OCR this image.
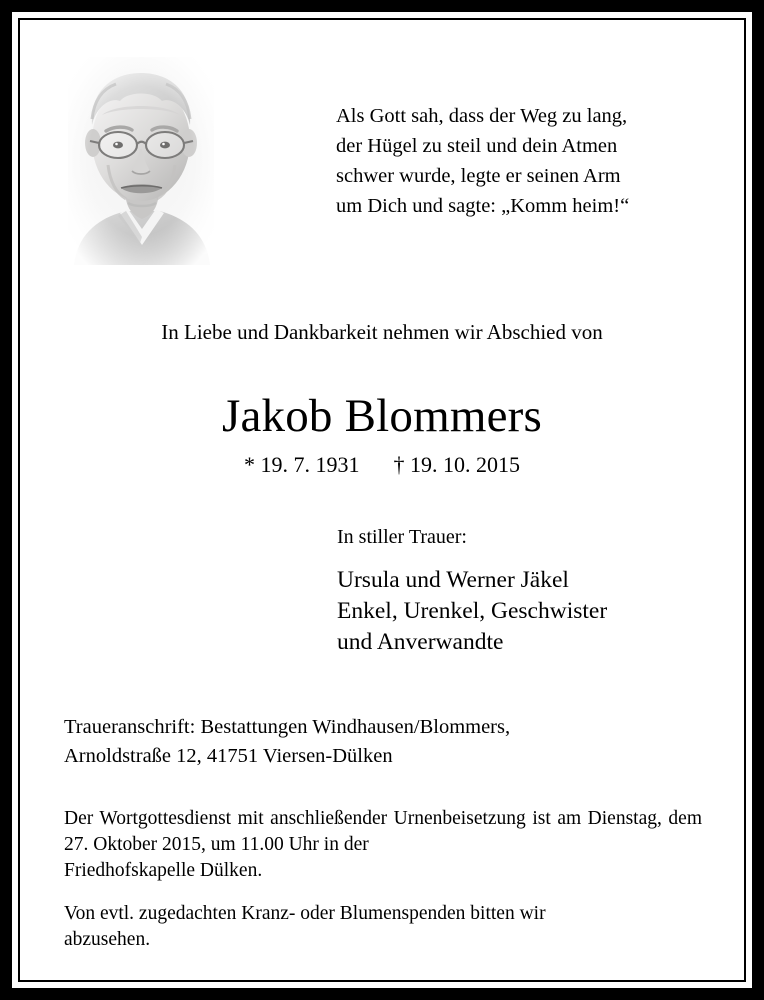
Als Gott sah, dass der Weg zu lang,
der Hügel zu steil und dein Atmen
schwer wurde, legte er seinen Arm
um Dich und sagte: „Komm heim!“
In Liebe und Dankbarkeit nehmen wir Abschied von
Jakob Blommers
* 19. 7. 1931 † 19. 10. 2015
In stiller Trauer:
Ursula und Werner Jäkel
Enkel, Urenkel, Geschwister
und Anverwandte
Traueranschrift: Bestattungen Windhausen/Blommers,
Arnoldstraße 12, 41751 Viersen-Dülken
Der Wortgottesdienst mit anschließender Urnenbeisetzung ist am Dienstag, dem 27. Oktober 2015, um 11.00 Uhr in der
Friedhofskapelle Dülken.
Von evtl. zugedachten Kranz- oder Blumenspenden bitten wir
abzusehen.
